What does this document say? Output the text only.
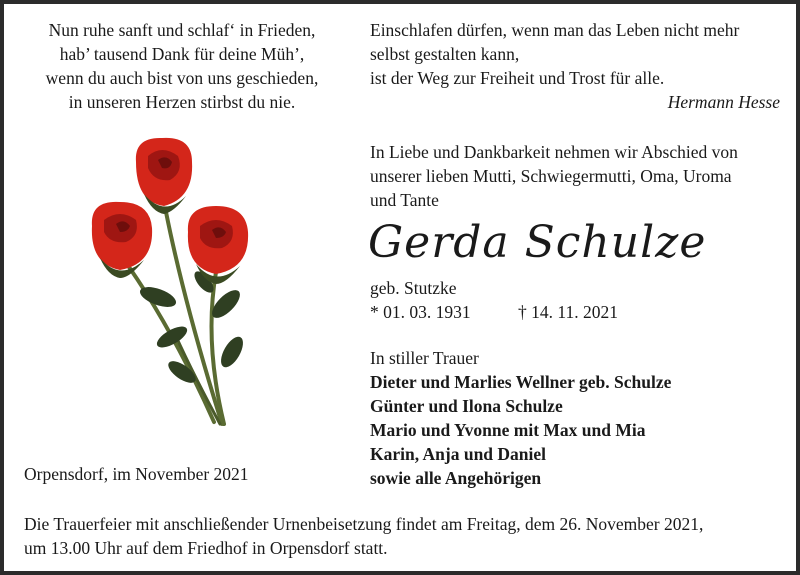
Nun ruhe sanft und schlaf‘ in Frieden,
hab’ tausend Dank für deine Müh’,
wenn du auch bist von uns geschieden,
in unseren Herzen stirbst du nie.
Einschlafen dürfen, wenn man das Leben nicht mehr
selbst gestalten kann,
ist der Weg zur Freiheit und Trost für alle.
Hermann Hesse
In Liebe und Dankbarkeit nehmen wir Abschied von
unserer lieben Mutti, Schwiegermutti, Oma, Uroma
und Tante
Gerda Schulze
geb. Stutzke
* 01. 03. 1931	† 14. 11. 2021
In stiller Trauer
Dieter und Marlies Wellner geb. Schulze
Günter und Ilona Schulze
Mario und Yvonne mit Max und Mia
Karin, Anja und Daniel
sowie alle Angehörigen
Orpensdorf, im November 2021
Die Trauerfeier mit anschließender Urnenbeisetzung findet am Freitag, dem 26. November 2021,
um 13.00 Uhr auf dem Friedhof in Orpensdorf statt.
